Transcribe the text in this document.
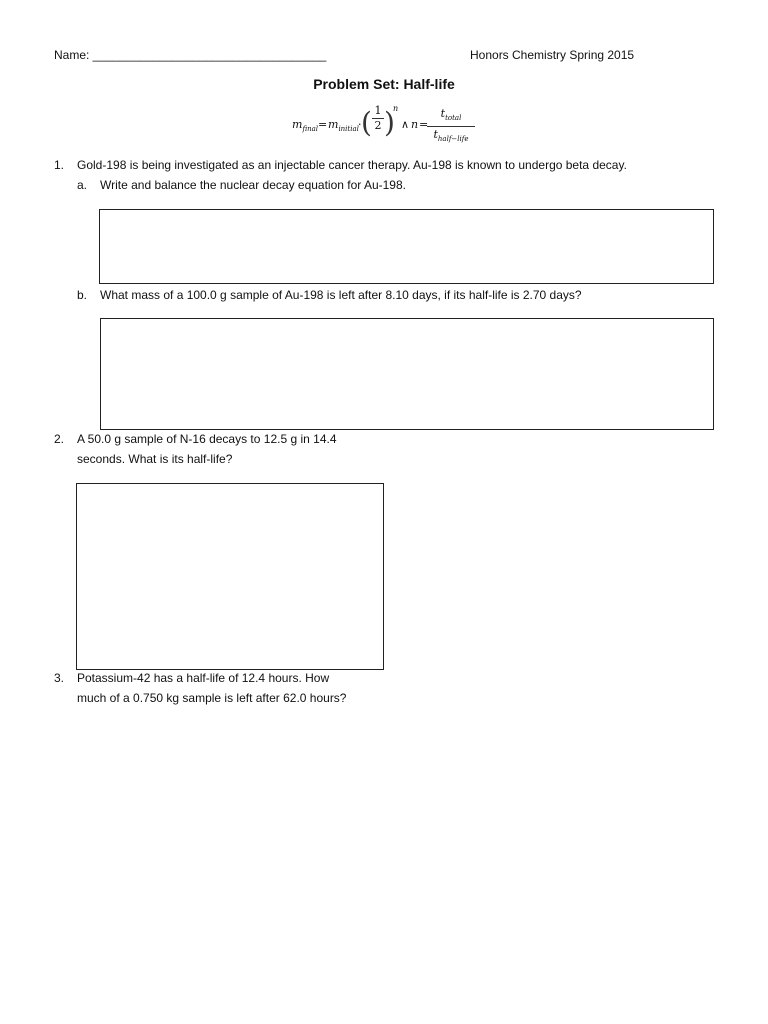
Name: ___________________________________	Honors Chemistry Spring 2015
Problem Set: Half-life
$m_{final} = m_{initial}$ · ( $\frac{1}{2}$ )
n
∧ n =
$t_{total}$
$t_{half-life}$
1. Gold-198 is being investigated as an injectable cancer therapy. Au-198 is known to undergo beta decay.
a. Write and balance the nuclear decay equation for Au-198.
b. What mass of a 100.0 g sample of Au-198 is left after 8.10 days, if its half-life is 2.70 days?
2. A 50.0 g sample of N-16 decays to 12.5 g in 14.4
seconds. What is its half-life?
3. Potassium-42 has a half-life of 12.4 hours. How
much of a 0.750 kg sample is left after 62.0 hours?
